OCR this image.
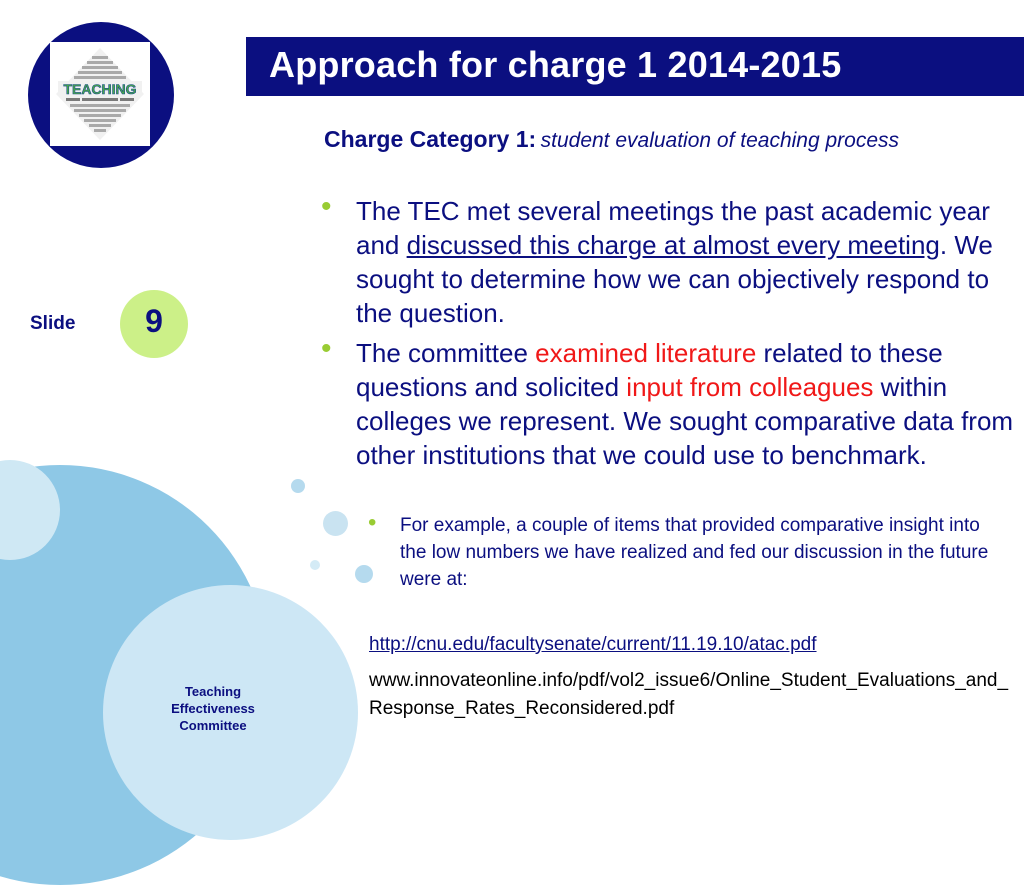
TEACHING
Approach for charge 1 2014-2015
Slide	9
Charge Category 1: student evaluation of teaching process
• The TEC met several meetings the past academic year and discussed this charge at almost every meeting. We sought to determine how we can objectively respond to the question.
• The committee examined literature related to these questions and solicited input from colleagues within colleges we represent. We sought comparative data from other institutions that we could use to benchmark.
• For example, a couple of items that provided comparative insight into the low numbers we have realized and fed our discussion in the future were at:
http://cnu.edu/facultysenate/current/11.19.10/atac.pdf
www.innovateonline.info/pdf/vol2_issue6/Online_Student_Evaluations_and_Response_Rates_Reconsidered.pdf
Teaching
Effectiveness
Committee
